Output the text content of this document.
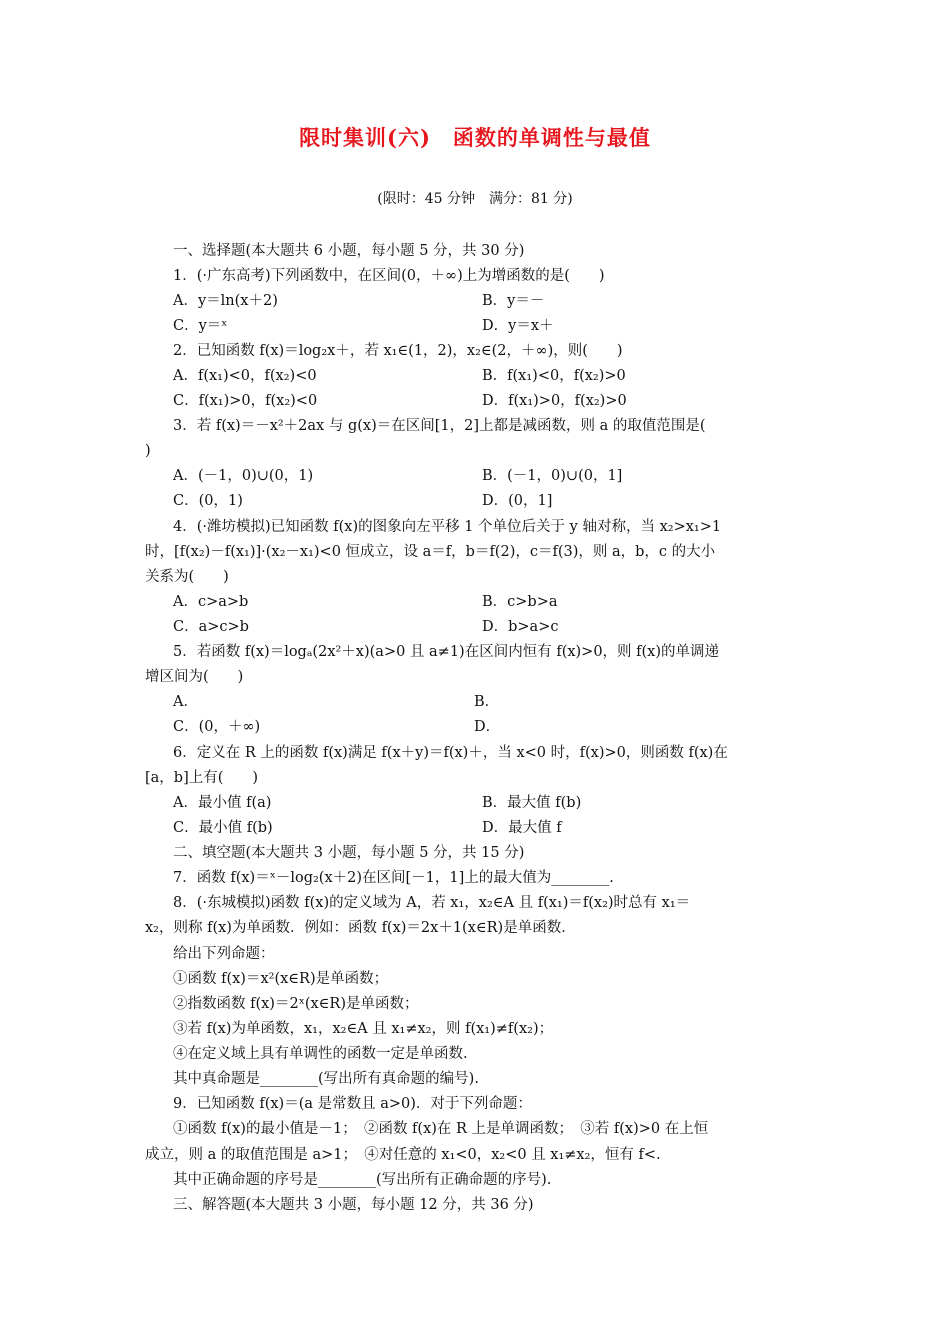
限时集训(六)　函数的单调性与最值
(限时：45 分钟　满分：81 分)
一、选择题(本大题共 6 小题，每小题 5 分，共 30 分)
1．(·广东高考)下列函数中，在区间(0，＋∞)上为增函数的是(　　)
A．y＝ln(x＋2)	B．y＝－
C．y＝ˣ	D．y＝x＋
2．已知函数 f(x)＝log₂x＋，若 x₁∈(1，2)，x₂∈(2，＋∞)，则(　　)
A．f(x₁)<0，f(x₂)<0	B．f(x₁)<0，f(x₂)>0
C．f(x₁)>0，f(x₂)<0	D．f(x₁)>0，f(x₂)>0
3．若 f(x)＝－x²＋2ax 与 g(x)＝在区间[1，2]上都是减函数，则 a 的取值范围是(
)
A．(－1，0)∪(0，1)	B．(－1，0)∪(0，1]
C．(0，1)	D．(0，1]
4．(·潍坊模拟)已知函数 f(x)的图象向左平移 1 个单位后关于 y 轴对称，当 x₂>x₁>1
时，[f(x₂)－f(x₁)]·(x₂－x₁)<0 恒成立，设 a＝f，b＝f(2)，c＝f(3)，则 a，b，c 的大小
关系为(　　)
A．c>a>b	B．c>b>a
C．a>c>b	D．b>a>c
5．若函数 f(x)＝logₐ(2x²＋x)(a>0 且 a≠1)在区间内恒有 f(x)>0，则 f(x)的单调递
增区间为(　　)
A．	B．
C．(0，＋∞)	D．
6．定义在 R 上的函数 f(x)满足 f(x＋y)＝f(x)＋，当 x<0 时，f(x)>0，则函数 f(x)在
[a，b]上有(　　)
A．最小值 f(a)	B．最大值 f(b)
C．最小值 f(b)	D．最大值 f
二、填空题(本大题共 3 小题，每小题 5 分，共 15 分)
7．函数 f(x)＝ˣ－log₂(x＋2)在区间[－1，1]上的最大值为________.
8．(·东城模拟)函数 f(x)的定义域为 A，若 x₁，x₂∈A 且 f(x₁)＝f(x₂)时总有 x₁＝
x₂，则称 f(x)为单函数．例如：函数 f(x)＝2x＋1(x∈R)是单函数．
给出下列命题：
①函数 f(x)＝x²(x∈R)是单函数；
②指数函数 f(x)＝2ˣ(x∈R)是单函数；
③若 f(x)为单函数，x₁，x₂∈A 且 x₁≠x₂，则 f(x₁)≠f(x₂)；
④在定义域上具有单调性的函数一定是单函数.
其中真命题是________(写出所有真命题的编号).
9．已知函数 f(x)＝(a 是常数且 a>0)．对于下列命题：
①函数 f(x)的最小值是－1；　②函数 f(x)在 R 上是单调函数；　③若 f(x)>0 在上恒
成立，则 a 的取值范围是 a>1；　④对任意的 x₁<0，x₂<0 且 x₁≠x₂，恒有 f<.
其中正确命题的序号是________(写出所有正确命题的序号).
三、解答题(本大题共 3 小题，每小题 12 分，共 36 分)
